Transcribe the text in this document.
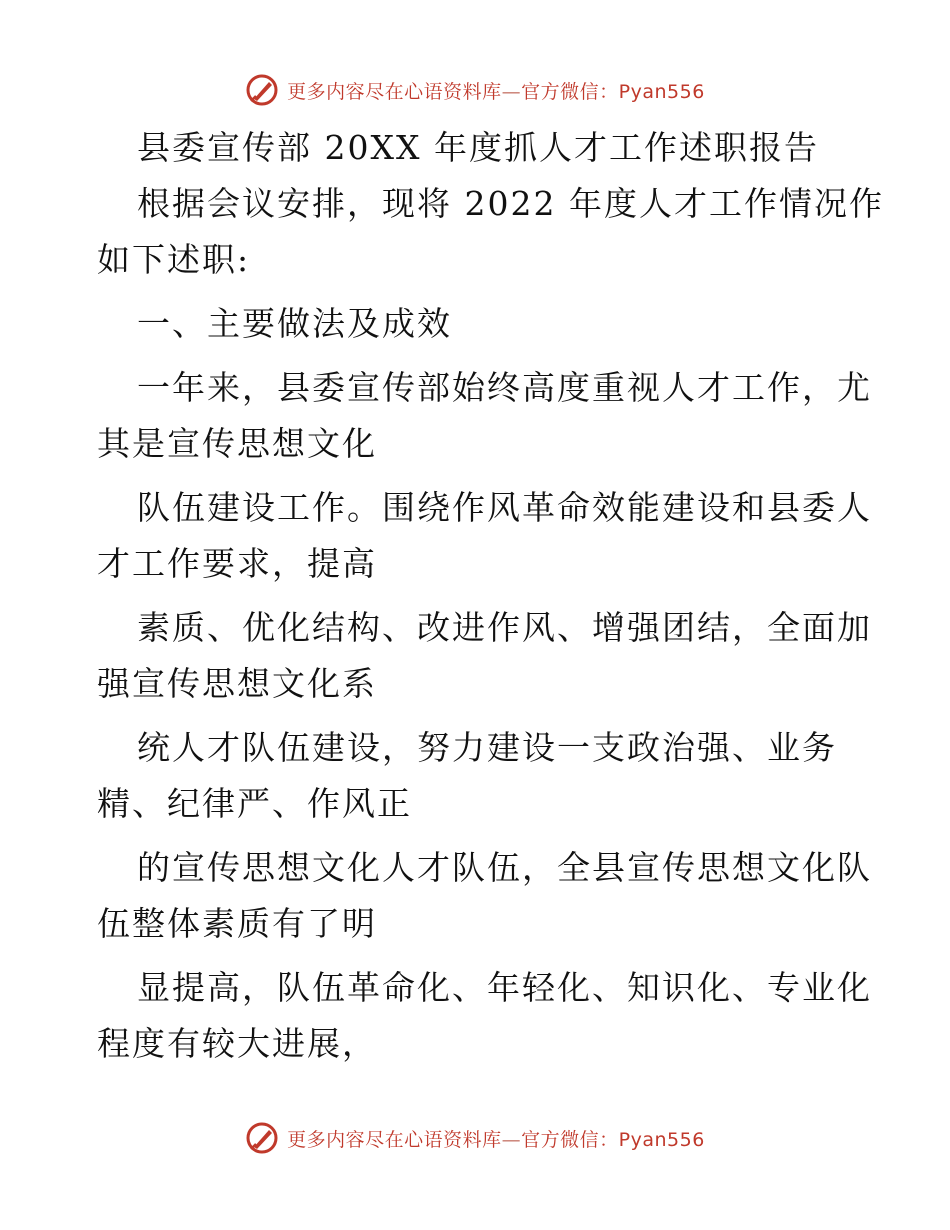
更多内容尽在心语资料库—官方微信：Pyan556
县委宣传部 20XX 年度抓人才工作述职报告
根据会议安排，现将 2022 年度人才工作情况作
如下述职:
一、主要做法及成效
一年来，县委宣传部始终高度重视人才工作，尤
其是宣传思想文化
队伍建设工作。围绕作风革命效能建设和县委人
才工作要求，提高
素质、优化结构、改进作风、增强团结，全面加
强宣传思想文化系
统人才队伍建设，努力建设一支政治强、业务
精、纪律严、作风正
的宣传思想文化人才队伍，全县宣传思想文化队
伍整体素质有了明
显提高，队伍革命化、年轻化、知识化、专业化
程度有较大进展，
更多内容尽在心语资料库—官方微信：Pyan556
